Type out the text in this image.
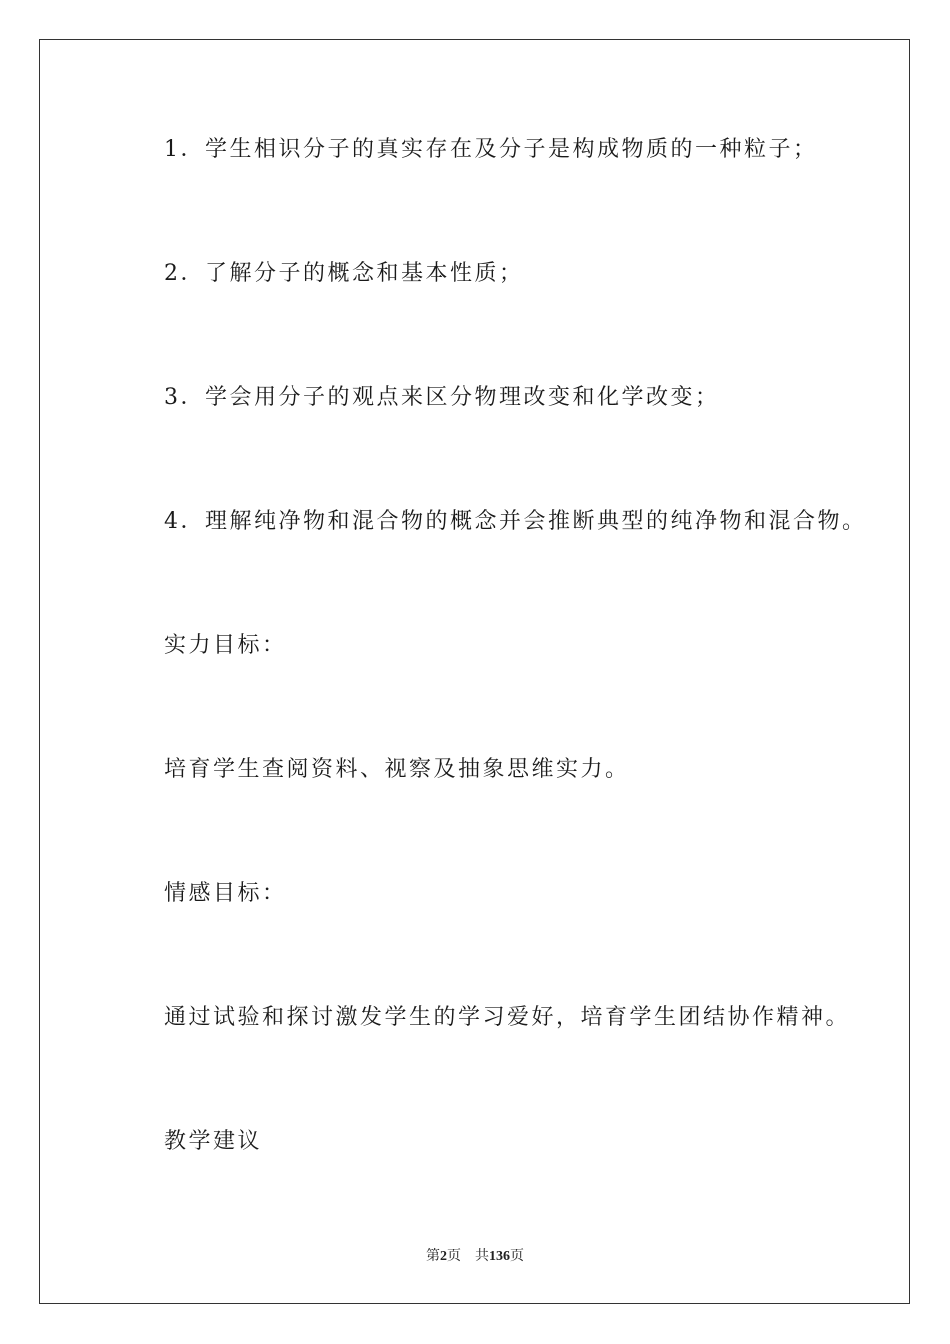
1．学生相识分子的真实存在及分子是构成物质的一种粒子；
2．了解分子的概念和基本性质；
3．学会用分子的观点来区分物理改变和化学改变；
4．理解纯净物和混合物的概念并会推断典型的纯净物和混合物。
实力目标：
培育学生查阅资料、视察及抽象思维实力。
情感目标：
通过试验和探讨激发学生的学习爱好，培育学生团结协作精神。
教学建议
第2页 共136页
